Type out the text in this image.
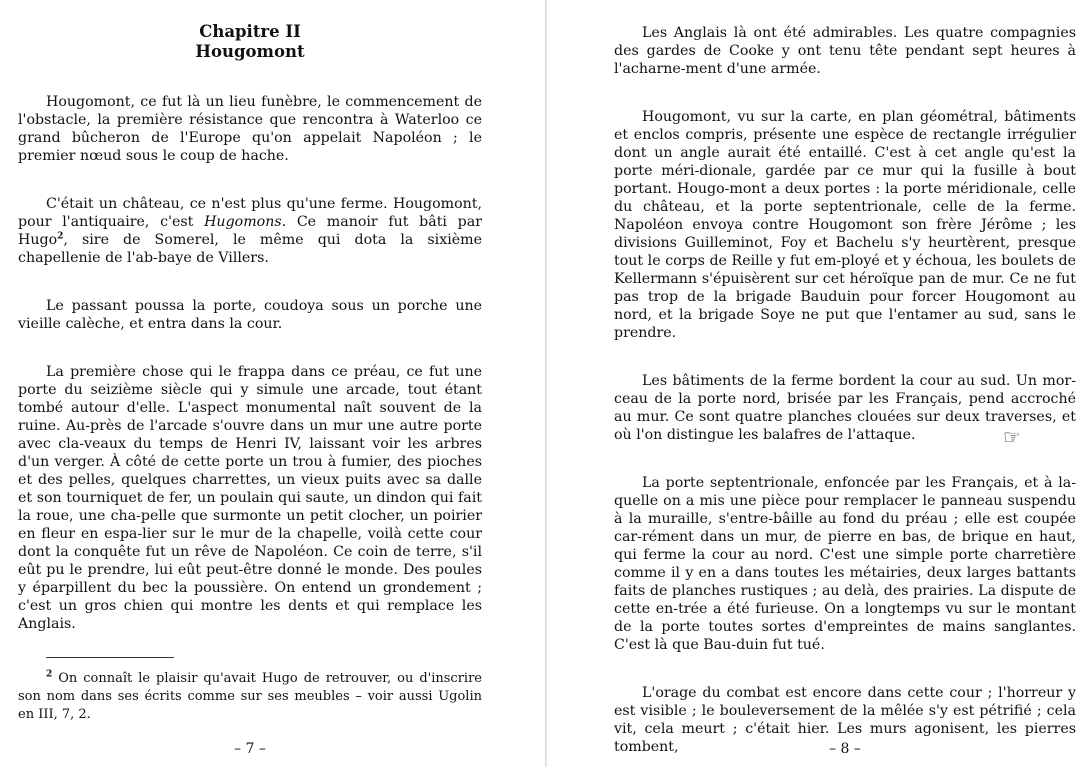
Chapitre II
Hougomont

Hougomont, ce fut là un lieu funèbre, le commencement de l'obstacle, la première résistance que rencontra à Waterloo ce grand bûcheron de l'Europe qu'on appelait Napoléon ; le premier nœud sous le coup de hache.

C'était un château, ce n'est plus qu'une ferme. Hougomont, pour l'antiquaire, c'est Hugomons. Ce manoir fut bâti par Hugo$^2$, sire de Somerel, le même qui dota la sixième chapellenie de l'ab-baye de Villers.

Le passant poussa la porte, coudoya sous un porche une vieille calèche, et entra dans la cour.

La première chose qui le frappa dans ce préau, ce fut une porte du seizième siècle qui y simule une arcade, tout étant tombé autour d'elle. L'aspect monumental naît souvent de la ruine. Au-près de l'arcade s'ouvre dans un mur une autre porte avec cla-veaux du temps de Henri IV, laissant voir les arbres d'un verger. À côté de cette porte un trou à fumier, des pioches et des pelles, quelques charrettes, un vieux puits avec sa dalle et son tourniquet de fer, un poulain qui saute, un dindon qui fait la roue, une cha-pelle que surmonte un petit clocher, un poirier en fleur en espa-lier sur le mur de la chapelle, voilà cette cour dont la conquête fut un rêve de Napoléon. Ce coin de terre, s'il eût pu le prendre, lui eût peut-être donné le monde. Des poules y éparpillent du bec la poussière. On entend un grondement ; c'est un gros chien qui montre les dents et qui remplace les Anglais.

$^2$ On connaît le plaisir qu'avait Hugo de retrouver, ou d'inscrire son nom dans ses écrits comme sur ses meubles – voir aussi Ugolin en III, 7, 2.
– 7 –

Les Anglais là ont été admirables. Les quatre compagnies des gardes de Cooke y ont tenu tête pendant sept heures à l'acharne-ment d'une armée.

Hougomont, vu sur la carte, en plan géométral, bâtiments et enclos compris, présente une espèce de rectangle irrégulier dont un angle aurait été entaillé. C'est à cet angle qu'est la porte méri-dionale, gardée par ce mur qui la fusille à bout portant. Hougo-mont a deux portes : la porte méridionale, celle du château, et la porte septentrionale, celle de la ferme. Napoléon envoya contre Hougomont son frère Jérôme ; les divisions Guilleminot, Foy et Bachelu s'y heurtèrent, presque tout le corps de Reille y fut em-ployé et y échoua, les boulets de Kellermann s'épuisèrent sur cet héroïque pan de mur. Ce ne fut pas trop de la brigade Bauduin pour forcer Hougomont au nord, et la brigade Soye ne put que l'entamer au sud, sans le prendre.

Les bâtiments de la ferme bordent la cour au sud. Un mor-ceau de la porte nord, brisée par les Français, pend accroché au mur. Ce sont quatre planches clouées sur deux traverses, et où l'on distingue les balafres de l'attaque.

La porte septentrionale, enfoncée par les Français, et à la-quelle on a mis une pièce pour remplacer le panneau suspendu à la muraille, s'entre-bâille au fond du préau ; elle est coupée car-rément dans un mur, de pierre en bas, de brique en haut, qui ferme la cour au nord. C'est une simple porte charretière comme il y en a dans toutes les métairies, deux larges battants faits de planches rustiques ; au delà, des prairies. La dispute de cette en-trée a été furieuse. On a longtemps vu sur le montant de la porte toutes sortes d'empreintes de mains sanglantes. C'est là que Bau-duin fut tué.

L'orage du combat est encore dans cette cour ; l'horreur y est visible ; le bouleversement de la mêlée s'y est pétrifié ; cela vit, cela meurt ; c'était hier. Les murs agonisent, les pierres tombent,

☞
– 8 –
